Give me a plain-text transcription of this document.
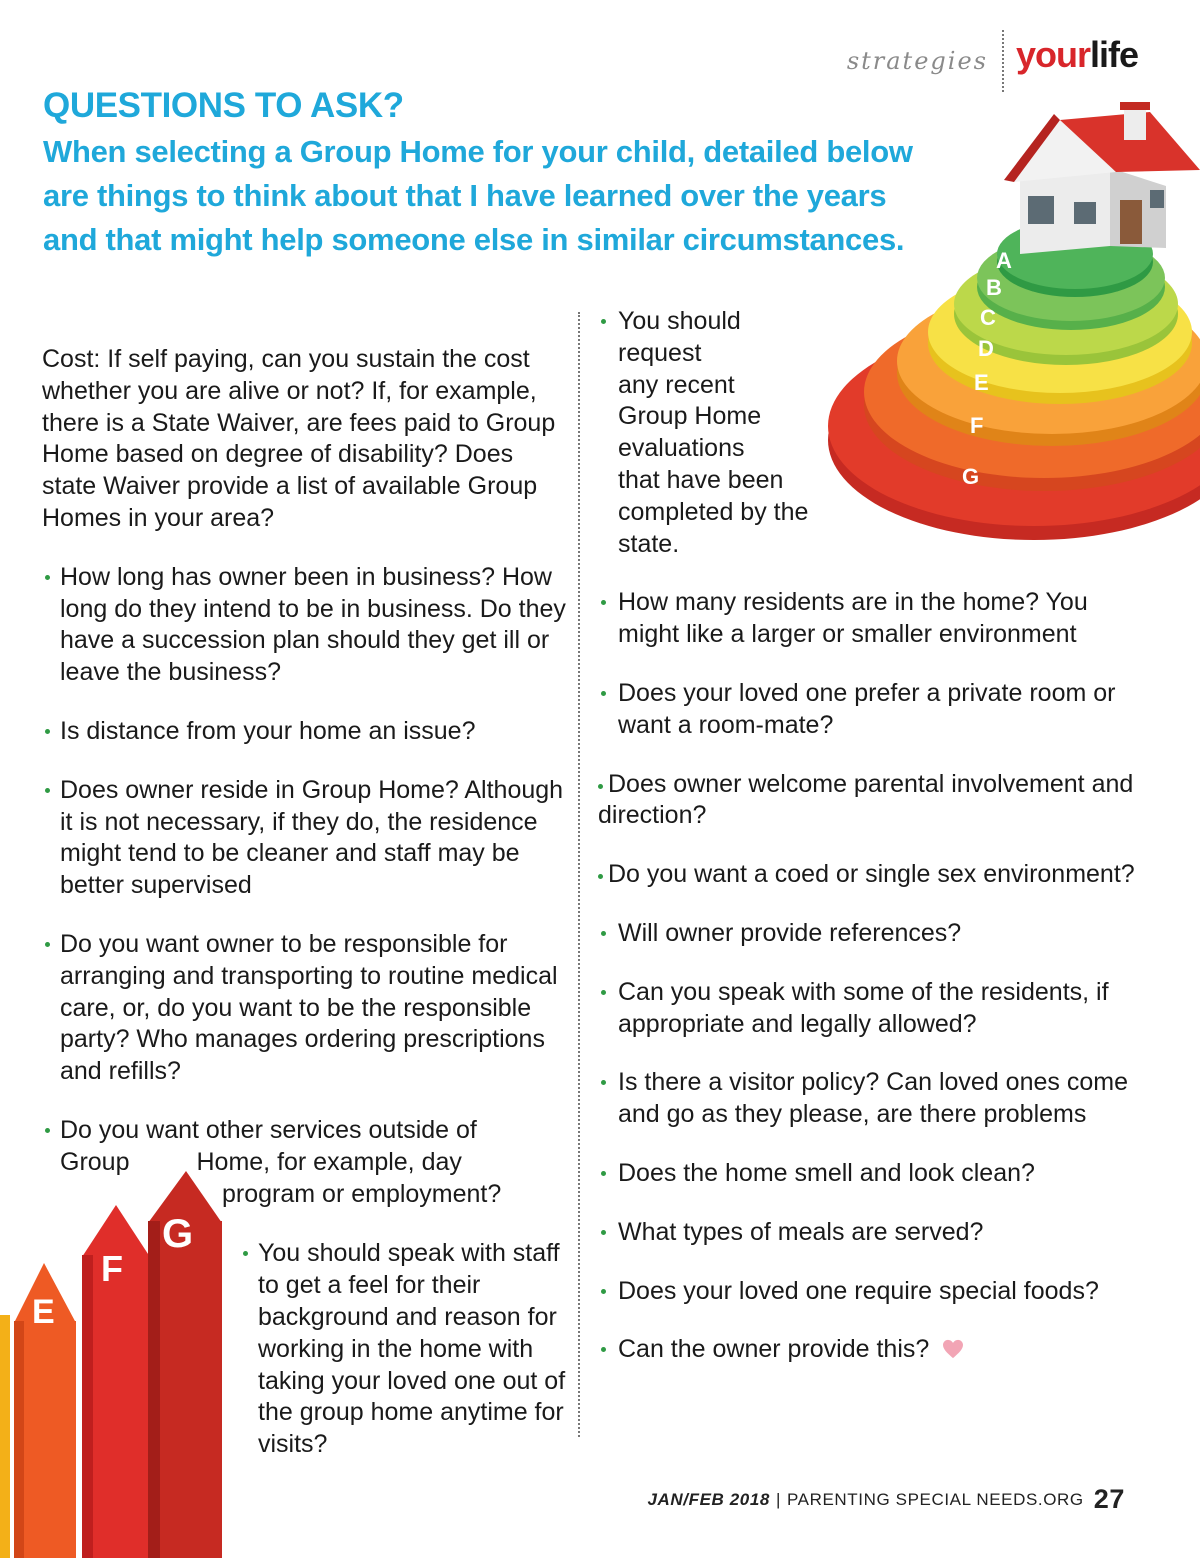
strategies yourlife
A
B
C
D
E
F
G
E
F
G
QUESTIONS TO ASK?

When selecting a Group Home for your child, detailed below are things to think about that I have learned over the years and that might help someone else in similar circumstances.

Cost: If self paying, can you sustain the cost whether you are alive or not? If, for example, there is a State Waiver, are fees paid to Group Home based on degree of disability? Does state Waiver provide a list of available Group Homes in your area?

How long has owner been in business? How long do they intend to be in business. Do they have a succession plan should they get ill or leave the business?
Is distance from your home an issue?
Does owner reside in Group Home? Although it is not necessary, if they do, the residence might tend to be cleaner and staff may be better supervised
Do you want owner to be responsible for arranging and transporting to routine medical care, or, do you want to be the responsible party? Who manages ordering prescriptions and refills?
Do you want other services outside of
Group	Home, for example, day
program or employment?
You should speak with staff to get a feel for their background and reason for working in the home with taking your loved one out of the group home anytime for visits?
You should
request
any recent
Group Home
evaluations
that have been
completed by the
state.
How many residents are in the home? You might like a larger or smaller environment
Does your loved one prefer a private room or want a room-mate?

Does owner welcome parental involvement and direction?

Do you want a coed or single sex environment?

Will owner provide references?
Can you speak with some of the residents, if appropriate and legally allowed?
Is there a visitor policy? Can loved ones come and go as they please, are there problems
Does the home smell and look clean?
What types of meals are served?
Does your loved one require special foods?
Can the owner provide this?
JAN/FEB 2018 | PARENTING SPECIAL NEEDS.ORG 27
